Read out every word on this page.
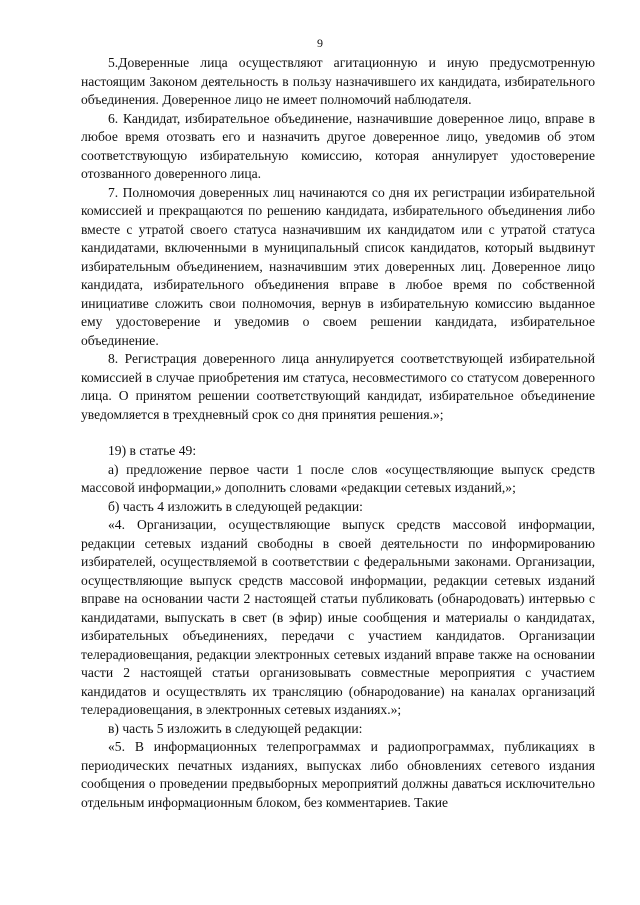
9

5.Доверенные лица осуществляют агитационную и иную предусмотренную настоящим Законом деятельность в пользу назначившего их кандидата, избирательного объединения. Доверенное лицо не имеет полномочий наблюдателя.

6. Кандидат, избирательное объединение, назначившие доверенное лицо, вправе в любое время отозвать его и назначить другое доверенное лицо, уведомив об этом соответствующую избирательную комиссию, которая аннулирует удостоверение отозванного доверенного лица.

7. Полномочия доверенных лиц начинаются со дня их регистрации избирательной комиссией и прекращаются по решению кандидата, избирательного объединения либо вместе с утратой своего статуса назначившим их кандидатом или с утратой статуса кандидатами, включенными в муниципальный список кандидатов, который выдвинут избирательным объединением, назначившим этих доверенных лиц. Доверенное лицо кандидата, избирательного объединения вправе в любое время по собственной инициативе сложить свои полномочия, вернув в избирательную комиссию выданное ему удостоверение и уведомив о своем решении кандидата, избирательное объединение.

8. Регистрация доверенного лица аннулируется соответствующей избирательной комиссией в случае приобретения им статуса, несовместимого со статусом доверенного лица. О принятом решении соответствующий кандидат, избирательное объединение уведомляется в трехдневный срок со дня принятия решения.»;

19) в статье 49:

а) предложение первое части 1 после слов «осуществляющие выпуск средств массовой информации,» дополнить словами «редакции сетевых изданий,»;

б) часть 4 изложить в следующей редакции:

«4. Организации, осуществляющие выпуск средств массовой информации, редакции сетевых изданий свободны в своей деятельности по информированию избирателей, осуществляемой в соответствии с федеральными законами. Организации, осуществляющие выпуск средств массовой информации, редакции сетевых изданий вправе на основании части 2 настоящей статьи публиковать (обнародовать) интервью с кандидатами, выпускать в свет (в эфир) иные сообщения и материалы о кандидатах, избирательных объединениях, передачи с участием кандидатов. Организации телерадиовещания, редакции электронных сетевых изданий вправе также на основании части 2 настоящей статьи организовывать совместные мероприятия с участием кандидатов и осуществлять их трансляцию (обнародование) на каналах организаций телерадиовещания, в электронных сетевых изданиях.»;

в) часть 5 изложить в следующей редакции:

«5. В информационных телепрограммах и радиопрограммах, публикациях в периодических печатных изданиях, выпусках либо обновлениях сетевого издания сообщения о проведении предвыборных мероприятий должны даваться исключительно отдельным информационным блоком, без комментариев. Такие
